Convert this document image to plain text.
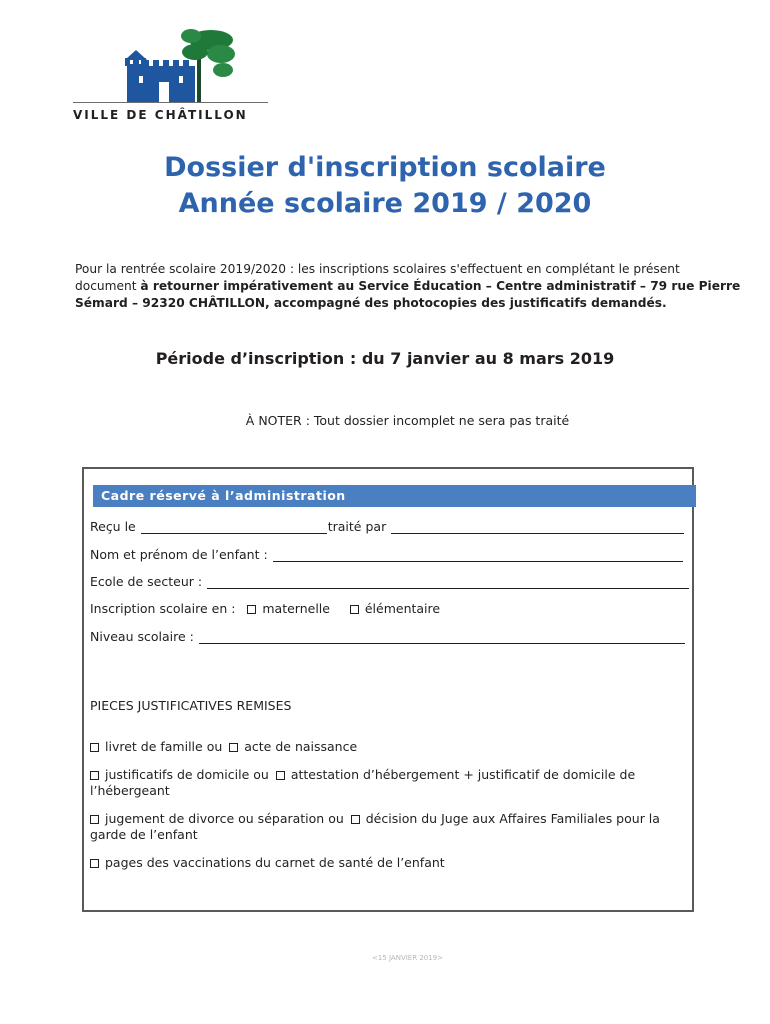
VILLE DE CHÂTILLON
Dossier d'inscription scolaire
Année scolaire 2019 / 2020
Pour la rentrée scolaire 2019/2020 : les inscriptions scolaires s'effectuent en complétant le présent
document à retourner impérativement au Service Éducation – Centre administratif – 79 rue Pierre
Sémard – 92320 CHÂTILLON, accompagné des photocopies des justificatifs demandés.
Période d’inscription : du 7 janvier au 8 mars 2019
À NOTER : Tout dossier incomplet ne sera pas traité
Cadre réservé à l’administration
Reçu le
	traité par

Nom et prénom de l’enfant :

Ecole de secteur :

Inscription scolaire en : maternelle	élémentaire
Niveau scolaire :

PIECES JUSTIFICATIVES REMISES
livret de famille ou acte de naissance
justificatifs de domicile ou attestation d’hébergement + justificatif de domicile de
l’hébergeant
jugement de divorce ou séparation ou décision du Juge aux Affaires Familiales pour la
garde de l’enfant
pages des vaccinations du carnet de santé de l’enfant
<15 JANVIER 2019>
